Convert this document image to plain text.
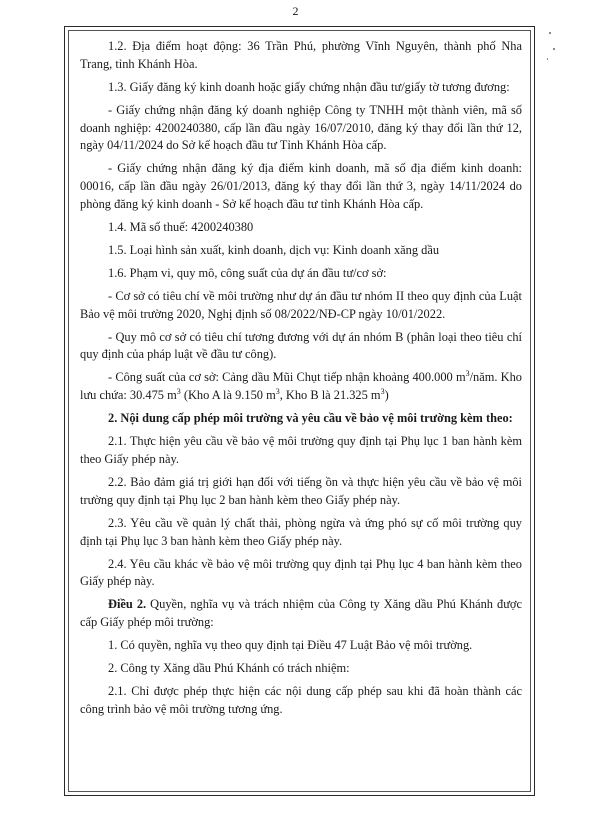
2

1.2. Địa điểm hoạt động: 36 Trần Phú, phường Vĩnh Nguyên, thành phố Nha Trang, tỉnh Khánh Hòa.

1.3. Giấy đăng ký kinh doanh hoặc giấy chứng nhận đầu tư/giấy tờ tương đương:

- Giấy chứng nhận đăng ký doanh nghiệp Công ty TNHH một thành viên, mã số doanh nghiệp: 4200240380, cấp lần đầu ngày 16/07/2010, đăng ký thay đổi lần thứ 12, ngày 04/11/2024 do Sở kế hoạch đầu tư Tỉnh Khánh Hòa cấp.

- Giấy chứng nhận đăng ký địa điểm kinh doanh, mã số địa điểm kinh doanh: 00016, cấp lần đầu ngày 26/01/2013, đăng ký thay đổi lần thứ 3, ngày 14/11/2024 do phòng đăng ký kinh doanh - Sở kế hoạch đầu tư tỉnh Khánh Hòa cấp.

1.4. Mã số thuế: 4200240380

1.5. Loại hình sản xuất, kinh doanh, dịch vụ: Kinh doanh xăng dầu

1.6. Phạm vi, quy mô, công suất của dự án đầu tư/cơ sở:

- Cơ sở có tiêu chí về môi trường như dự án đầu tư nhóm II theo quy định của Luật Bảo vệ môi trường 2020, Nghị định số 08/2022/NĐ-CP ngày 10/01/2022.

- Quy mô cơ sở có tiêu chí tương đương với dự án nhóm B (phân loại theo tiêu chí quy định của pháp luật về đầu tư công).

- Công suất của cơ sở: Cảng dầu Mũi Chụt tiếp nhận khoảng 400.000 $m^3$/năm. Kho lưu chứa: 30.475 $m^3$ (Kho A là 9.150 $m^3$, Kho B là 21.325 $m^3$)

2. Nội dung cấp phép môi trường và yêu cầu về bảo vệ môi trường kèm theo:

2.1. Thực hiện yêu cầu về bảo vệ môi trường quy định tại Phụ lục 1 ban hành kèm theo Giấy phép này.

2.2. Bảo đảm giá trị giới hạn đối với tiếng ồn và thực hiện yêu cầu về bảo vệ môi trường quy định tại Phụ lục 2 ban hành kèm theo Giấy phép này.

2.3. Yêu cầu về quản lý chất thải, phòng ngừa và ứng phó sự cố môi trường quy định tại Phụ lục 3 ban hành kèm theo Giấy phép này.

2.4. Yêu cầu khác về bảo vệ môi trường quy định tại Phụ lục 4 ban hành kèm theo Giấy phép này.

Điều 2. Quyền, nghĩa vụ và trách nhiệm của Công ty Xăng dầu Phú Khánh được cấp Giấy phép môi trường:

1. Có quyền, nghĩa vụ theo quy định tại Điều 47 Luật Bảo vệ môi trường.

2. Công ty Xăng dầu Phú Khánh có trách nhiệm:

2.1. Chỉ được phép thực hiện các nội dung cấp phép sau khi đã hoàn thành các công trình bảo vệ môi trường tương ứng.
